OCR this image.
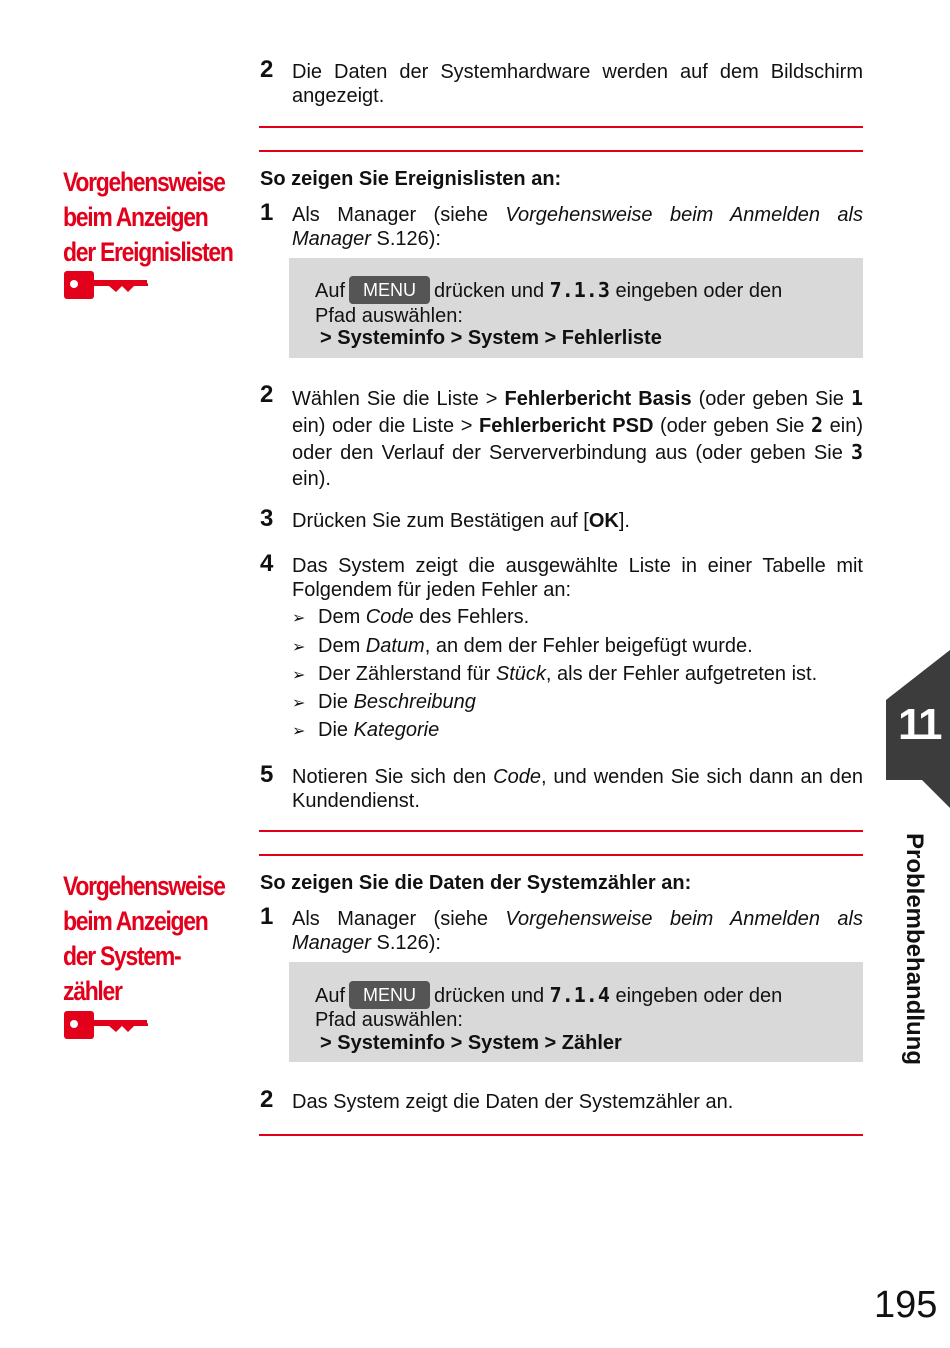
2 Die Daten der Systemhardware werden auf dem Bildschirm angezeigt.
Vorgehensweise
beim Anzeigen
der Ereignislisten
So zeigen Sie Ereignislisten an:
1 Als Manager (siehe Vorgehensweise beim Anmelden als Manager S.126):
Auf MENU drücken und 7.1.3 eingeben oder den
Pfad auswählen:
> Systeminfo > System > Fehlerliste
2 Wählen Sie die Liste > Fehlerbericht Basis (oder geben Sie 1 ein) oder die Liste > Fehlerbericht PSD (oder geben Sie 2 ein) oder den Verlauf der Serververbindung aus (oder geben Sie 3 ein).
3 Drücken Sie zum Bestätigen auf [OK].
4 Das System zeigt die ausgewählte Liste in einer Tabelle mit Folgendem für jeden Fehler an:
➢ Dem Code des Fehlers.
➢ Dem Datum, an dem der Fehler beigefügt wurde.
➢ Der Zählerstand für Stück, als der Fehler aufgetreten ist.
➢ Die Beschreibung
➢ Die Kategorie
5 Notieren Sie sich den Code, und wenden Sie sich dann an den Kundendienst.
Vorgehensweise
beim Anzeigen
der System-
zähler
So zeigen Sie die Daten der Systemzähler an:
1 Als Manager (siehe Vorgehensweise beim Anmelden als Manager S.126):
Auf MENU drücken und 7.1.4 eingeben oder den
Pfad auswählen:
> Systeminfo > System > Zähler
2 Das System zeigt die Daten der Systemzähler an.
11
Problembehandlung
195
